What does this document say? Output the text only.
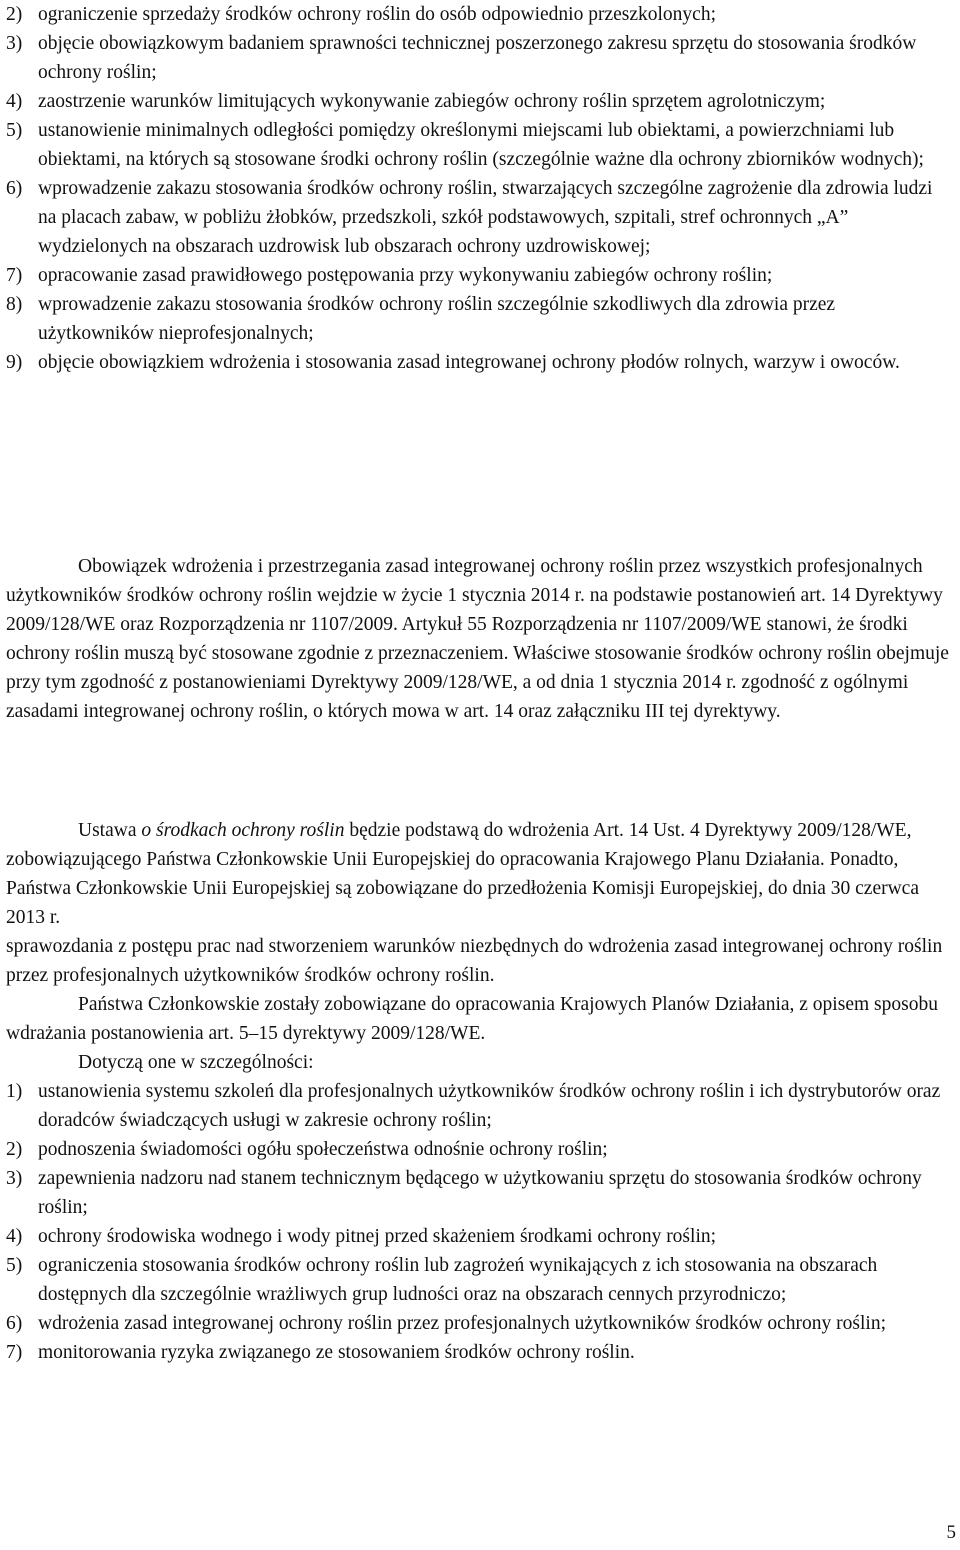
2) ograniczenie sprzedaży środków ochrony roślin do osób odpowiednio przeszkolonych;
3) objęcie obowiązkowym badaniem sprawności technicznej poszerzonego zakresu sprzętu do stosowania środków ochrony roślin;
4) zaostrzenie warunków limitujących wykonywanie zabiegów ochrony roślin sprzętem agrolotniczym;
5) ustanowienie minimalnych odległości pomiędzy określonymi miejscami lub obiektami, a powierzchniami lub obiektami, na których są stosowane środki ochrony roślin (szczególnie ważne dla ochrony zbiorników wodnych);
6) wprowadzenie zakazu stosowania środków ochrony roślin, stwarzających szczególne zagrożenie dla zdrowia ludzi na placach zabaw, w pobliżu żłobków, przedszkoli, szkół podstawowych, szpitali, stref ochronnych „A” wydzielonych na obszarach uzdrowisk lub obszarach ochrony uzdrowiskowej;
7) opracowanie zasad prawidłowego postępowania przy wykonywaniu zabiegów ochrony roślin;
8) wprowadzenie zakazu stosowania środków ochrony roślin szczególnie szkodliwych dla zdrowia przez użytkowników nieprofesjonalnych;
9) objęcie obowiązkiem wdrożenia i stosowania zasad integrowanej ochrony płodów rolnych, warzyw i owoców.

Obowiązek wdrożenia i przestrzegania zasad integrowanej ochrony roślin przez wszystkich profesjonalnych użytkowników środków ochrony roślin wejdzie w życie 1 stycznia 2014 r. na podstawie postanowień art. 14 Dyrektywy 2009/128/WE oraz Rozporządzenia nr 1107/2009. Artykuł 55 Rozporządzenia nr 1107/2009/WE stanowi, że środki ochrony roślin muszą być stosowane zgodnie z przeznaczeniem. Właściwe stosowanie środków ochrony roślin obejmuje przy tym zgodność z postanowieniami Dyrektywy 2009/128/WE, a od dnia 1 stycznia 2014 r. zgodność z ogólnymi zasadami integrowanej ochrony roślin, o których mowa w art. 14 oraz załączniku III tej dyrektywy.

Ustawa o środkach ochrony roślin będzie podstawą do wdrożenia Art. 14 Ust. 4 Dyrektywy 2009/128/WE, zobowiązującego Państwa Członkowskie Unii Europejskiej do opracowania Krajowego Planu Działania. Ponadto, Państwa Członkowskie Unii Europejskiej są zobowiązane do przedłożenia Komisji Europejskiej, do dnia 30 czerwca 2013 r.

sprawozdania z postępu prac nad stworzeniem warunków niezbędnych do wdrożenia zasad integrowanej ochrony roślin przez profesjonalnych użytkowników środków ochrony roślin.

Państwa Członkowskie zostały zobowiązane do opracowania Krajowych Planów Działania, z opisem sposobu wdrażania postanowienia art. 5–15 dyrektywy 2009/128/WE.

Dotyczą one w szczególności:

1) ustanowienia systemu szkoleń dla profesjonalnych użytkowników środków ochrony roślin i ich dystrybutorów oraz doradców świadczących usługi w zakresie ochrony roślin;
2) podnoszenia świadomości ogółu społeczeństwa odnośnie ochrony roślin;
3) zapewnienia nadzoru nad stanem technicznym będącego w użytkowaniu sprzętu do stosowania środków ochrony roślin;
4) ochrony środowiska wodnego i wody pitnej przed skażeniem środkami ochrony roślin;
5) ograniczenia stosowania środków ochrony roślin lub zagrożeń wynikających z ich stosowania na obszarach dostępnych dla szczególnie wrażliwych grup ludności oraz na obszarach cennych przyrodniczo;
6) wdrożenia zasad integrowanej ochrony roślin przez profesjonalnych użytkowników środków ochrony roślin;
7) monitorowania ryzyka związanego ze stosowaniem środków ochrony roślin.
5
